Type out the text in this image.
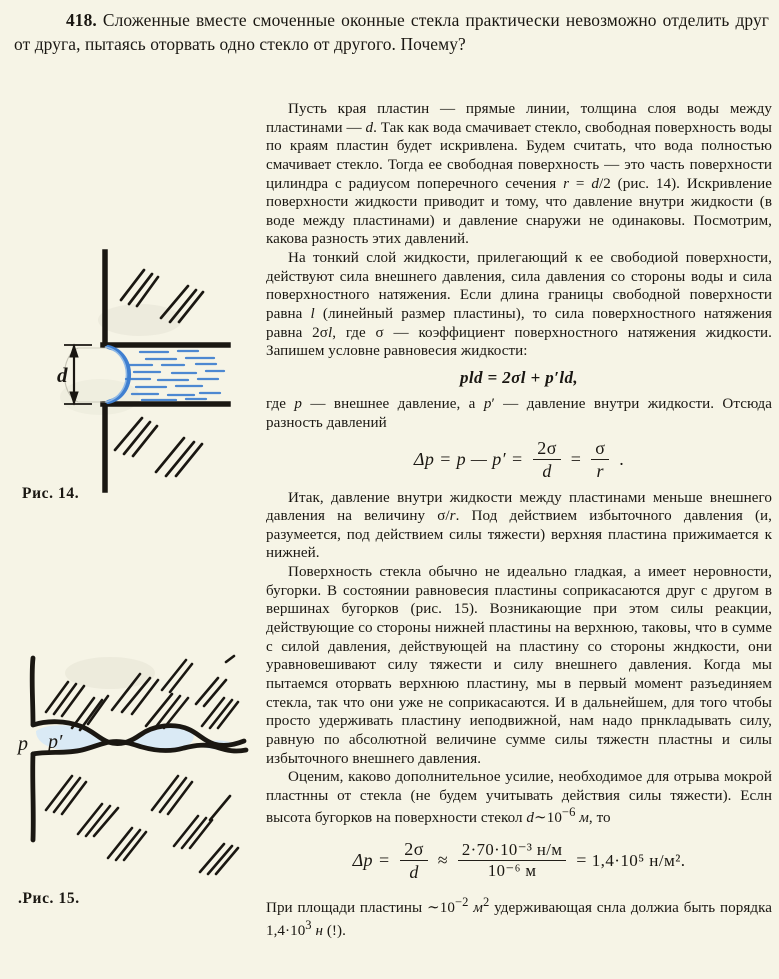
418. Сложенные вместе смоченные оконные стекла практически невозможно отделить друг от друга, пытаясь оторвать одно стекло от другого. Почему?
d
Рис. 14.
p p′
.Рис. 15.

Пусть края пластин — прямые линии, толщина слоя воды между пластинами — d. Так как вода смачивает стекло, свободная поверхность воды по краям пластин будет искривлена. Будем считать, что вода полностью смачивает стекло. Тогда ее свободная поверхность — это часть поверхности цилиндра с радиусом поперечного сечения r = d/2 (рис. 14). Искривление поверхности жидкости приводит и тому, что давление внутри жидкости (в воде между пластинами) и давление снаружи не одинаковы. Посмотрим, какова разность этих давлений.

На тонкий слой жидкости, прилегающий к ее свободиой поверхности, действуют сила внешнего давления, сила давления со стороны воды и сила поверхностного натяжения. Если длина границы свободной поверхности равна l (линейный размер пластины), то сила поверхностного натяжения равна 2σl, где σ — коэффициент поверхностного натяжения жидкости. Запишем условне равновесия жидкости:

pld = 2σl + p′ld,

где p — внешнее давление, а p′ — давление внутри жидкости. Отсюда разность давлений

Δp = p — $p' = \frac{2\sigma}{d} = \frac{\sigma}{r}$ .

Итак, давление внутри жидкости между пластинами меньше внешнего давления на величину σ/r. Под действием избыточного давления (и, разумеется, под действием силы тяжести) верхняя пластина прижимается к нижней.

Поверхность стекла обычно не идеально гладкая, а имеет неровности, бугорки. В состоянии равновесия пластины соприкасаются друг с другом в вершинах бугорков (рис. 15). Возникающие при этом силы реакции, действующие со стороны нижней пластины на верхнюю, таковы, что в сумме с силой давления, действующей на пластину со стороны жндкости, они уравновешивают силу тяжести и силу внешнего давления. Когда мы пытаемся оторвать верхнюю пластину, мы в первый момент разъединяем стекла, так что они уже не соприкасаются. И в дальнейшем, для того чтобы просто удерживать пластину иеподвижной, нам надо прнкладывать силу, равную по абсолютной величине сумме силы тяжестн пластны и силы избыточного внешнего давления.

Оценим, каково дополнительное усилие, необходимое для отрыва мокрой пластнны от стекла (не будем учитывать действия силы тяжести). Еслн высота бугорков на поверхности стекол $d\sim 10^{-6}$ м, то

$\Delta p = \frac{2\sigma}{d} \approx \frac{\text{2·70·10⁻³ н/м}}{\text{10⁻⁶ м}} = 1,4\cdot 10^5$ н/м².

При площади пластины $\sim 10^{-2}$ $м^2$ удерживающая снла должиа быть порядка $1,4\cdot 10^3$ н (!).
